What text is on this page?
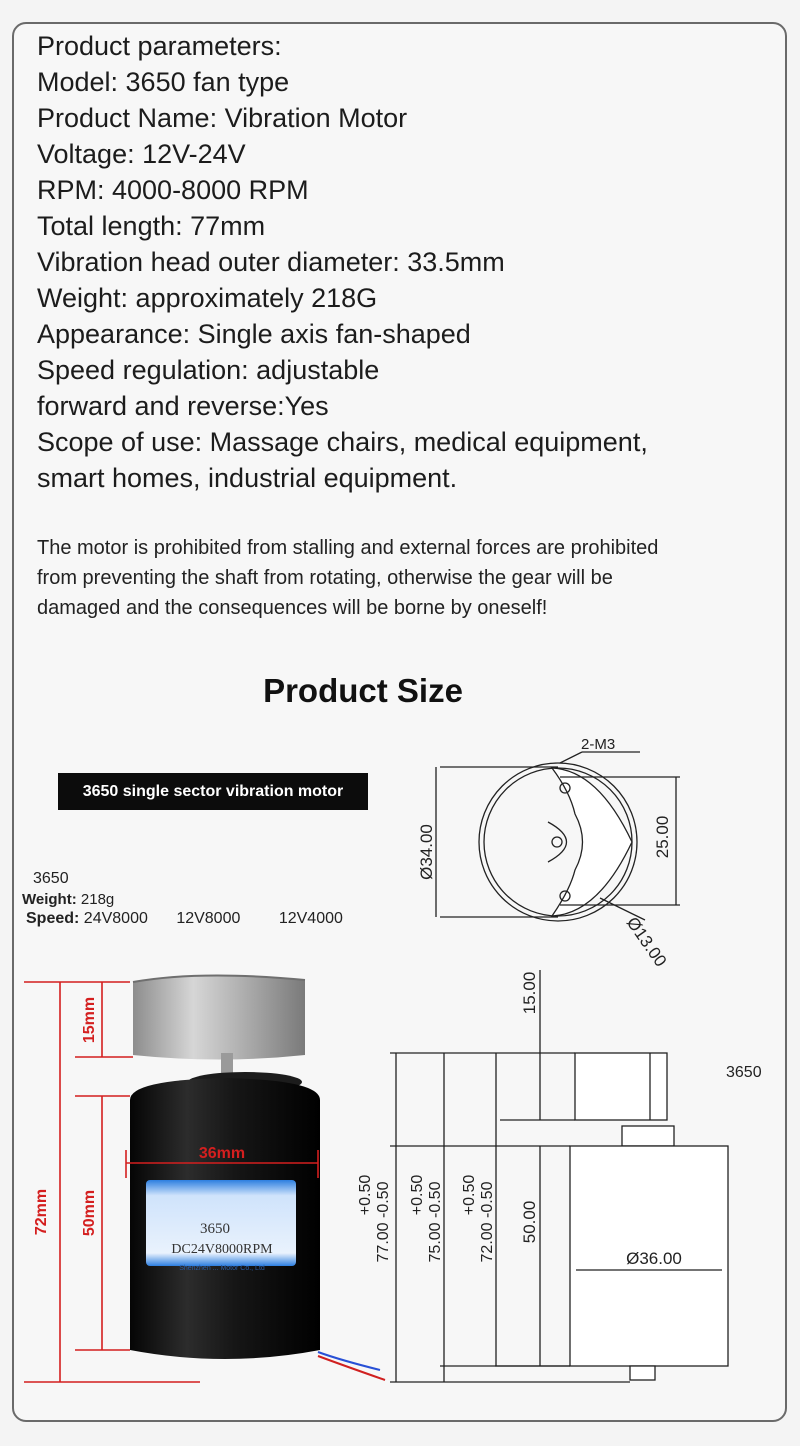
Product parameters:
Model: 3650 fan type
Product Name: Vibration Motor
Voltage: 12V-24V
RPM: 4000-8000 RPM
Total length: 77mm
Vibration head outer diameter: 33.5mm
Weight: approximately 218G
Appearance: Single axis fan-shaped
Speed regulation: adjustable
forward and reverse:Yes
Scope of use: Massage chairs, medical equipment,
smart homes, industrial equipment.
The motor is prohibited from stalling and external forces are prohibited
from preventing the shaft from rotating, otherwise the gear will be
damaged and the consequences will be borne by oneself!
Product Size
3650 single sector vibration motor
3650
Weight: 218g
Speed: 24V8000 12V8000 12V4000
3650
DC24V8000RPM
Shenzhen ... Motor Co., Ltd
72mm
15mm
50mm
36mm
2-M3
Ø34.00	25.00
Ø13.00
15.00
50.00
+0.50 77.00 -0.50 +0.50 75.00 -0.50 +0.50 72.00 -0.50	Ø36.00
3650
